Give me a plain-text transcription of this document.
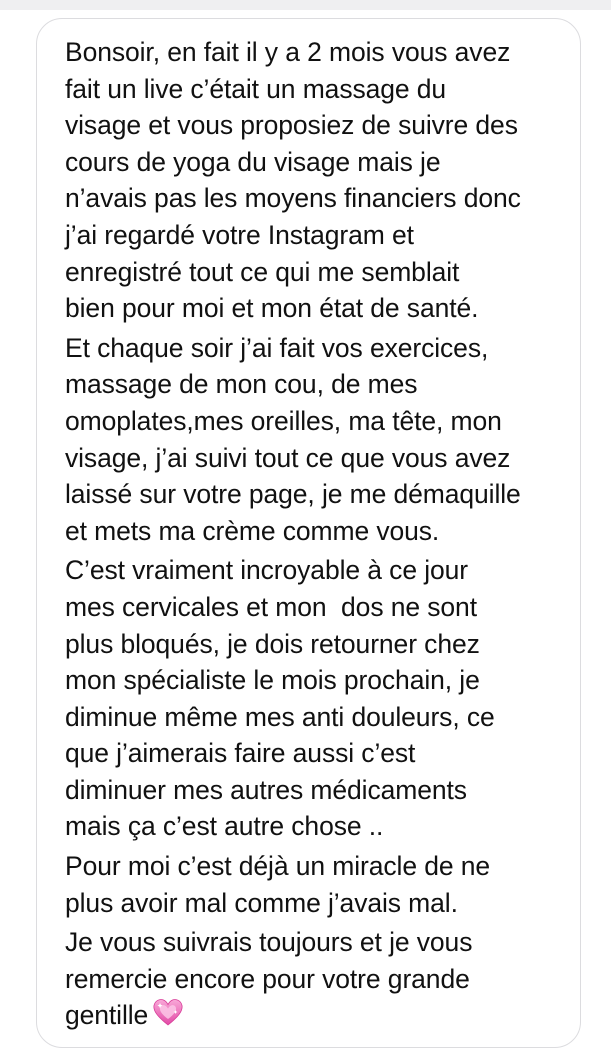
Bonsoir, en fait il y a 2 mois vous avez
fait un live c’était un massage du
visage et vous proposiez de suivre des
cours de yoga du visage mais je
n’avais pas les moyens financiers donc
j’ai regardé votre Instagram et
enregistré tout ce qui me semblait
bien pour moi et mon état de santé.

Et chaque soir j’ai fait vos exercices,
massage de mon cou, de mes
omoplates,mes oreilles, ma tête, mon
visage, j’ai suivi tout ce que vous avez
laissé sur votre page, je me démaquille
et mets ma crème comme vous.

C’est vraiment incroyable à ce jour
mes cervicales et mon  dos ne sont
plus bloqués, je dois retourner chez
mon spécialiste le mois prochain, je
diminue même mes anti douleurs, ce
que j’aimerais faire aussi c’est
diminuer mes autres médicaments
mais ça c’est autre chose ..

Pour moi c’est déjà un miracle de ne
plus avoir mal comme j’avais mal.

Je vous suivrais toujours et je vous
remercie encore pour votre grande
gentille
